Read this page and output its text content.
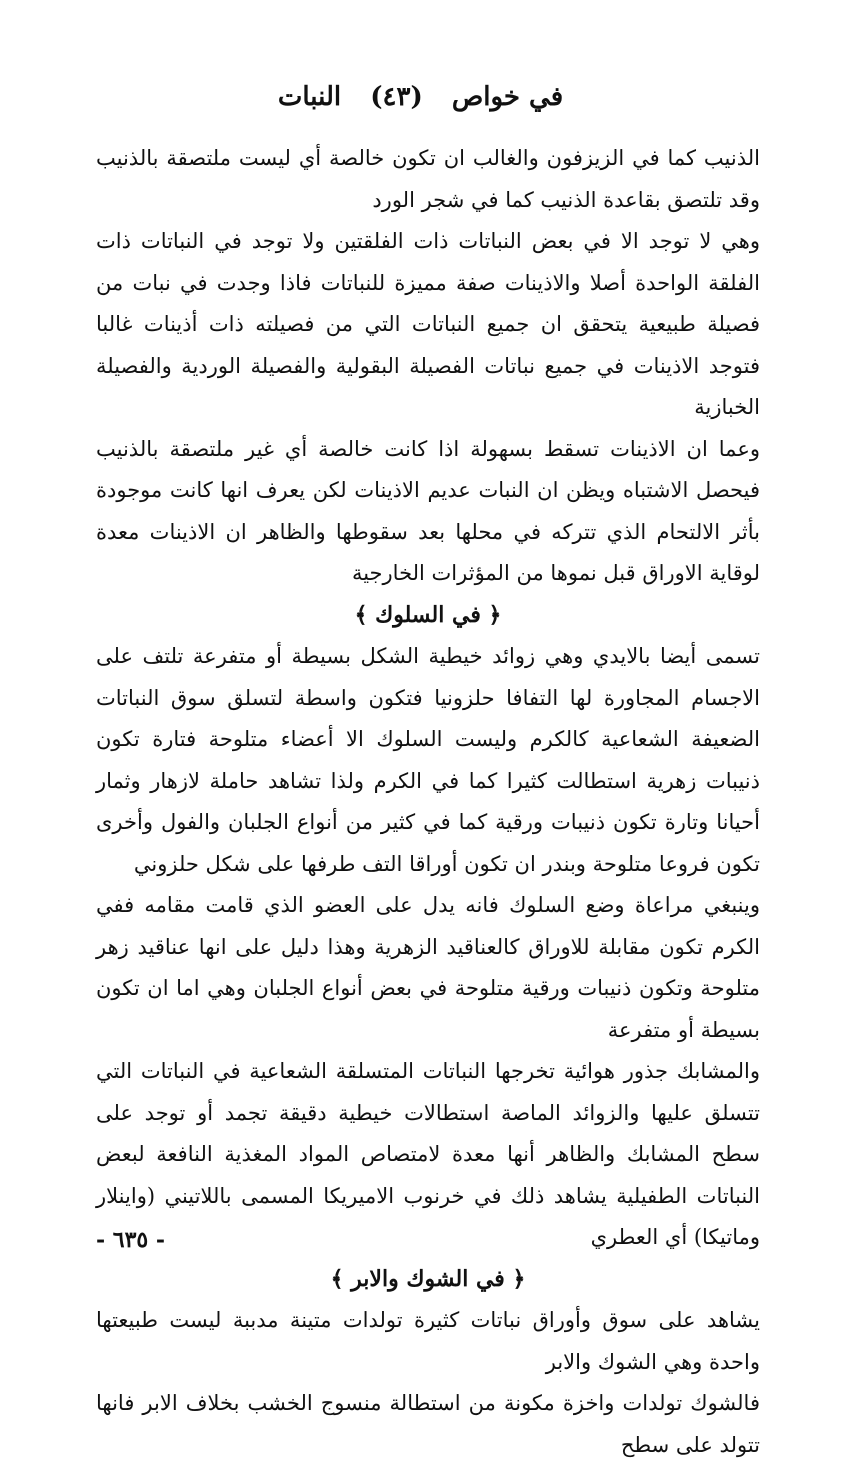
في خواص (٤٣) النبات

الذنيب كما في الزيزفون والغالب ان تكون خالصة أي ليست ملتصقة بالذنيب وقد تلتصق بقاعدة الذنيب كما في شجر الورد

وهي لا توجد الا في بعض النباتات ذات الفلقتين ولا توجد في النباتات ذات الفلقة الواحدة أصلا والاذينات صفة مميزة للنباتات فاذا وجدت في نبات من فصيلة طبيعية يتحقق ان جميع النباتات التي من فصيلته ذات أذينات غالبا فتوجد الاذينات في جميع نباتات الفصيلة البقولية والفصيلة الوردية والفصيلة الخبازية

وعما ان الاذينات تسقط بسهولة اذا كانت خالصة أي غير ملتصقة بالذنيب فيحصل الاشتباه ويظن ان النبات عديم الاذينات لكن يعرف انها كانت موجودة بأثر الالتحام الذي تتركه في محلها بعد سقوطها والظاهر ان الاذينات معدة لوقاية الاوراق قبل نموها من المؤثرات الخارجية

﴿ في السلوك ﴾

تسمى أيضا بالايدي وهي زوائد خيطية الشكل بسيطة أو متفرعة تلتف على الاجسام المجاورة لها التفافا حلزونيا فتكون واسطة لتسلق سوق النباتات الضعيفة الشعاعية كالكرم وليست السلوك الا أعضاء متلوحة فتارة تكون ذنيبات زهرية استطالت كثيرا كما في الكرم ولذا تشاهد حاملة لازهار وثمار أحيانا وتارة تكون ذنيبات ورقية كما في كثير من أنواع الجلبان والفول وأخرى تكون فروعا متلوحة وبندر ان تكون أوراقا التف طرفها على شكل حلزوني

وينبغي مراعاة وضع السلوك فانه يدل على العضو الذي قامت مقامه ففي الكرم تكون مقابلة للاوراق كالعناقيد الزهرية وهذا دليل على انها عناقيد زهر متلوحة وتكون ذنيبات ورقية متلوحة في بعض أنواع الجلبان وهي اما ان تكون بسيطة أو متفرعة

والمشابك جذور هوائية تخرجها النباتات المتسلقة الشعاعية في النباتات التي تتسلق عليها والزوائد الماصة استطالات خيطية دقيقة تجمد أو توجد على سطح المشابك والظاهر أنها معدة لامتصاص المواد المغذية النافعة لبعض النباتات الطفيلية يشاهد ذلك في خرنوب الاميريكا المسمى باللاتيني (واينلار وماتيكا) أي العطري

﴿ في الشوك والابر ﴾

يشاهد على سوق وأوراق نباتات كثيرة تولدات متينة مدببة ليست طبيعتها واحدة وهي الشوك والابر

فالشوك تولدات واخزة مكونة من استطالة منسوج الخشب بخلاف الابر فانها تتولد على سطح

- ٦٣٥ -
